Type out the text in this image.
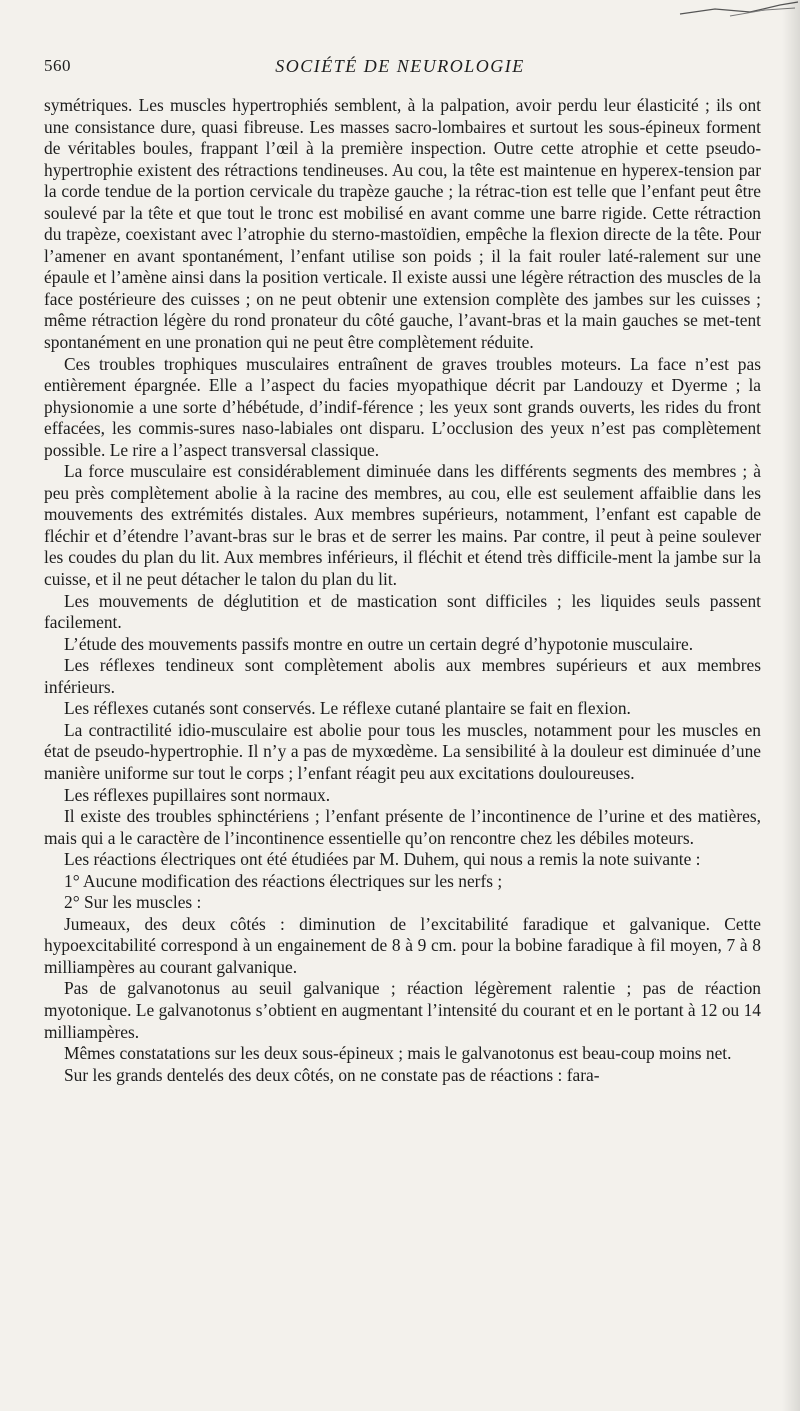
560	SOCIÉTÉ DE NEUROLOGIE

symétriques. Les muscles hypertrophiés semblent, à la palpation, avoir perdu leur élasticité ; ils ont une consistance dure, quasi fibreuse. Les masses sacro-lombaires et surtout les sous-épineux forment de véritables boules, frappant l’œil à la première inspection. Outre cette atrophie et cette pseudo-hypertrophie existent des rétractions tendineuses. Au cou, la tête est maintenue en hyperex-tension par la corde tendue de la portion cervicale du trapèze gauche ; la rétrac-tion est telle que l’enfant peut être soulevé par la tête et que tout le tronc est mobilisé en avant comme une barre rigide. Cette rétraction du trapèze, coexistant avec l’atrophie du sterno-mastoïdien, empêche la flexion directe de la tête. Pour l’amener en avant spontanément, l’enfant utilise son poids ; il la fait rouler laté-ralement sur une épaule et l’amène ainsi dans la position verticale. Il existe aussi une légère rétraction des muscles de la face postérieure des cuisses ; on ne peut obtenir une extension complète des jambes sur les cuisses ; même rétraction légère du rond pronateur du côté gauche, l’avant-bras et la main gauches se met-tent spontanément en une pronation qui ne peut être complètement réduite.

Ces troubles trophiques musculaires entraînent de graves troubles moteurs. La face n’est pas entièrement épargnée. Elle a l’aspect du facies myopathique décrit par Landouzy et Dyerme ; la physionomie a une sorte d’hébétude, d’indif-férence ; les yeux sont grands ouverts, les rides du front effacées, les commis-sures naso-labiales ont disparu. L’occlusion des yeux n’est pas complètement possible. Le rire a l’aspect transversal classique.

La force musculaire est considérablement diminuée dans les différents segments des membres ; à peu près complètement abolie à la racine des membres, au cou, elle est seulement affaiblie dans les mouvements des extrémités distales. Aux membres supérieurs, notamment, l’enfant est capable de fléchir et d’étendre l’avant-bras sur le bras et de serrer les mains. Par contre, il peut à peine soulever les coudes du plan du lit. Aux membres inférieurs, il fléchit et étend très difficile-ment la jambe sur la cuisse, et il ne peut détacher le talon du plan du lit.

Les mouvements de déglutition et de mastication sont difficiles ; les liquides seuls passent facilement.

L’étude des mouvements passifs montre en outre un certain degré d’hypotonie musculaire.

Les réflexes tendineux sont complètement abolis aux membres supérieurs et aux membres inférieurs.

Les réflexes cutanés sont conservés. Le réflexe cutané plantaire se fait en flexion.

La contractilité idio-musculaire est abolie pour tous les muscles, notamment pour les muscles en état de pseudo-hypertrophie. Il n’y a pas de myxœdème. La sensibilité à la douleur est diminuée d’une manière uniforme sur tout le corps ; l’enfant réagit peu aux excitations douloureuses.

Les réflexes pupillaires sont normaux.

Il existe des troubles sphinctériens ; l’enfant présente de l’incontinence de l’urine et des matières, mais qui a le caractère de l’incontinence essentielle qu’on rencontre chez les débiles moteurs.

Les réactions électriques ont été étudiées par M. Duhem, qui nous a remis la note suivante :

1° Aucune modification des réactions électriques sur les nerfs ;

2° Sur les muscles :

Jumeaux, des deux côtés : diminution de l’excitabilité faradique et galvanique. Cette hypoexcitabilité correspond à un engainement de 8 à 9 cm. pour la bobine faradique à fil moyen, 7 à 8 milliampères au courant galvanique.

Pas de galvanotonus au seuil galvanique ; réaction légèrement ralentie ; pas de réaction myotonique. Le galvanotonus s’obtient en augmentant l’intensité du courant et en le portant à 12 ou 14 milliampères.

Mêmes constatations sur les deux sous-épineux ; mais le galvanotonus est beau-coup moins net.

Sur les grands dentelés des deux côtés, on ne constate pas de réactions : fara-
